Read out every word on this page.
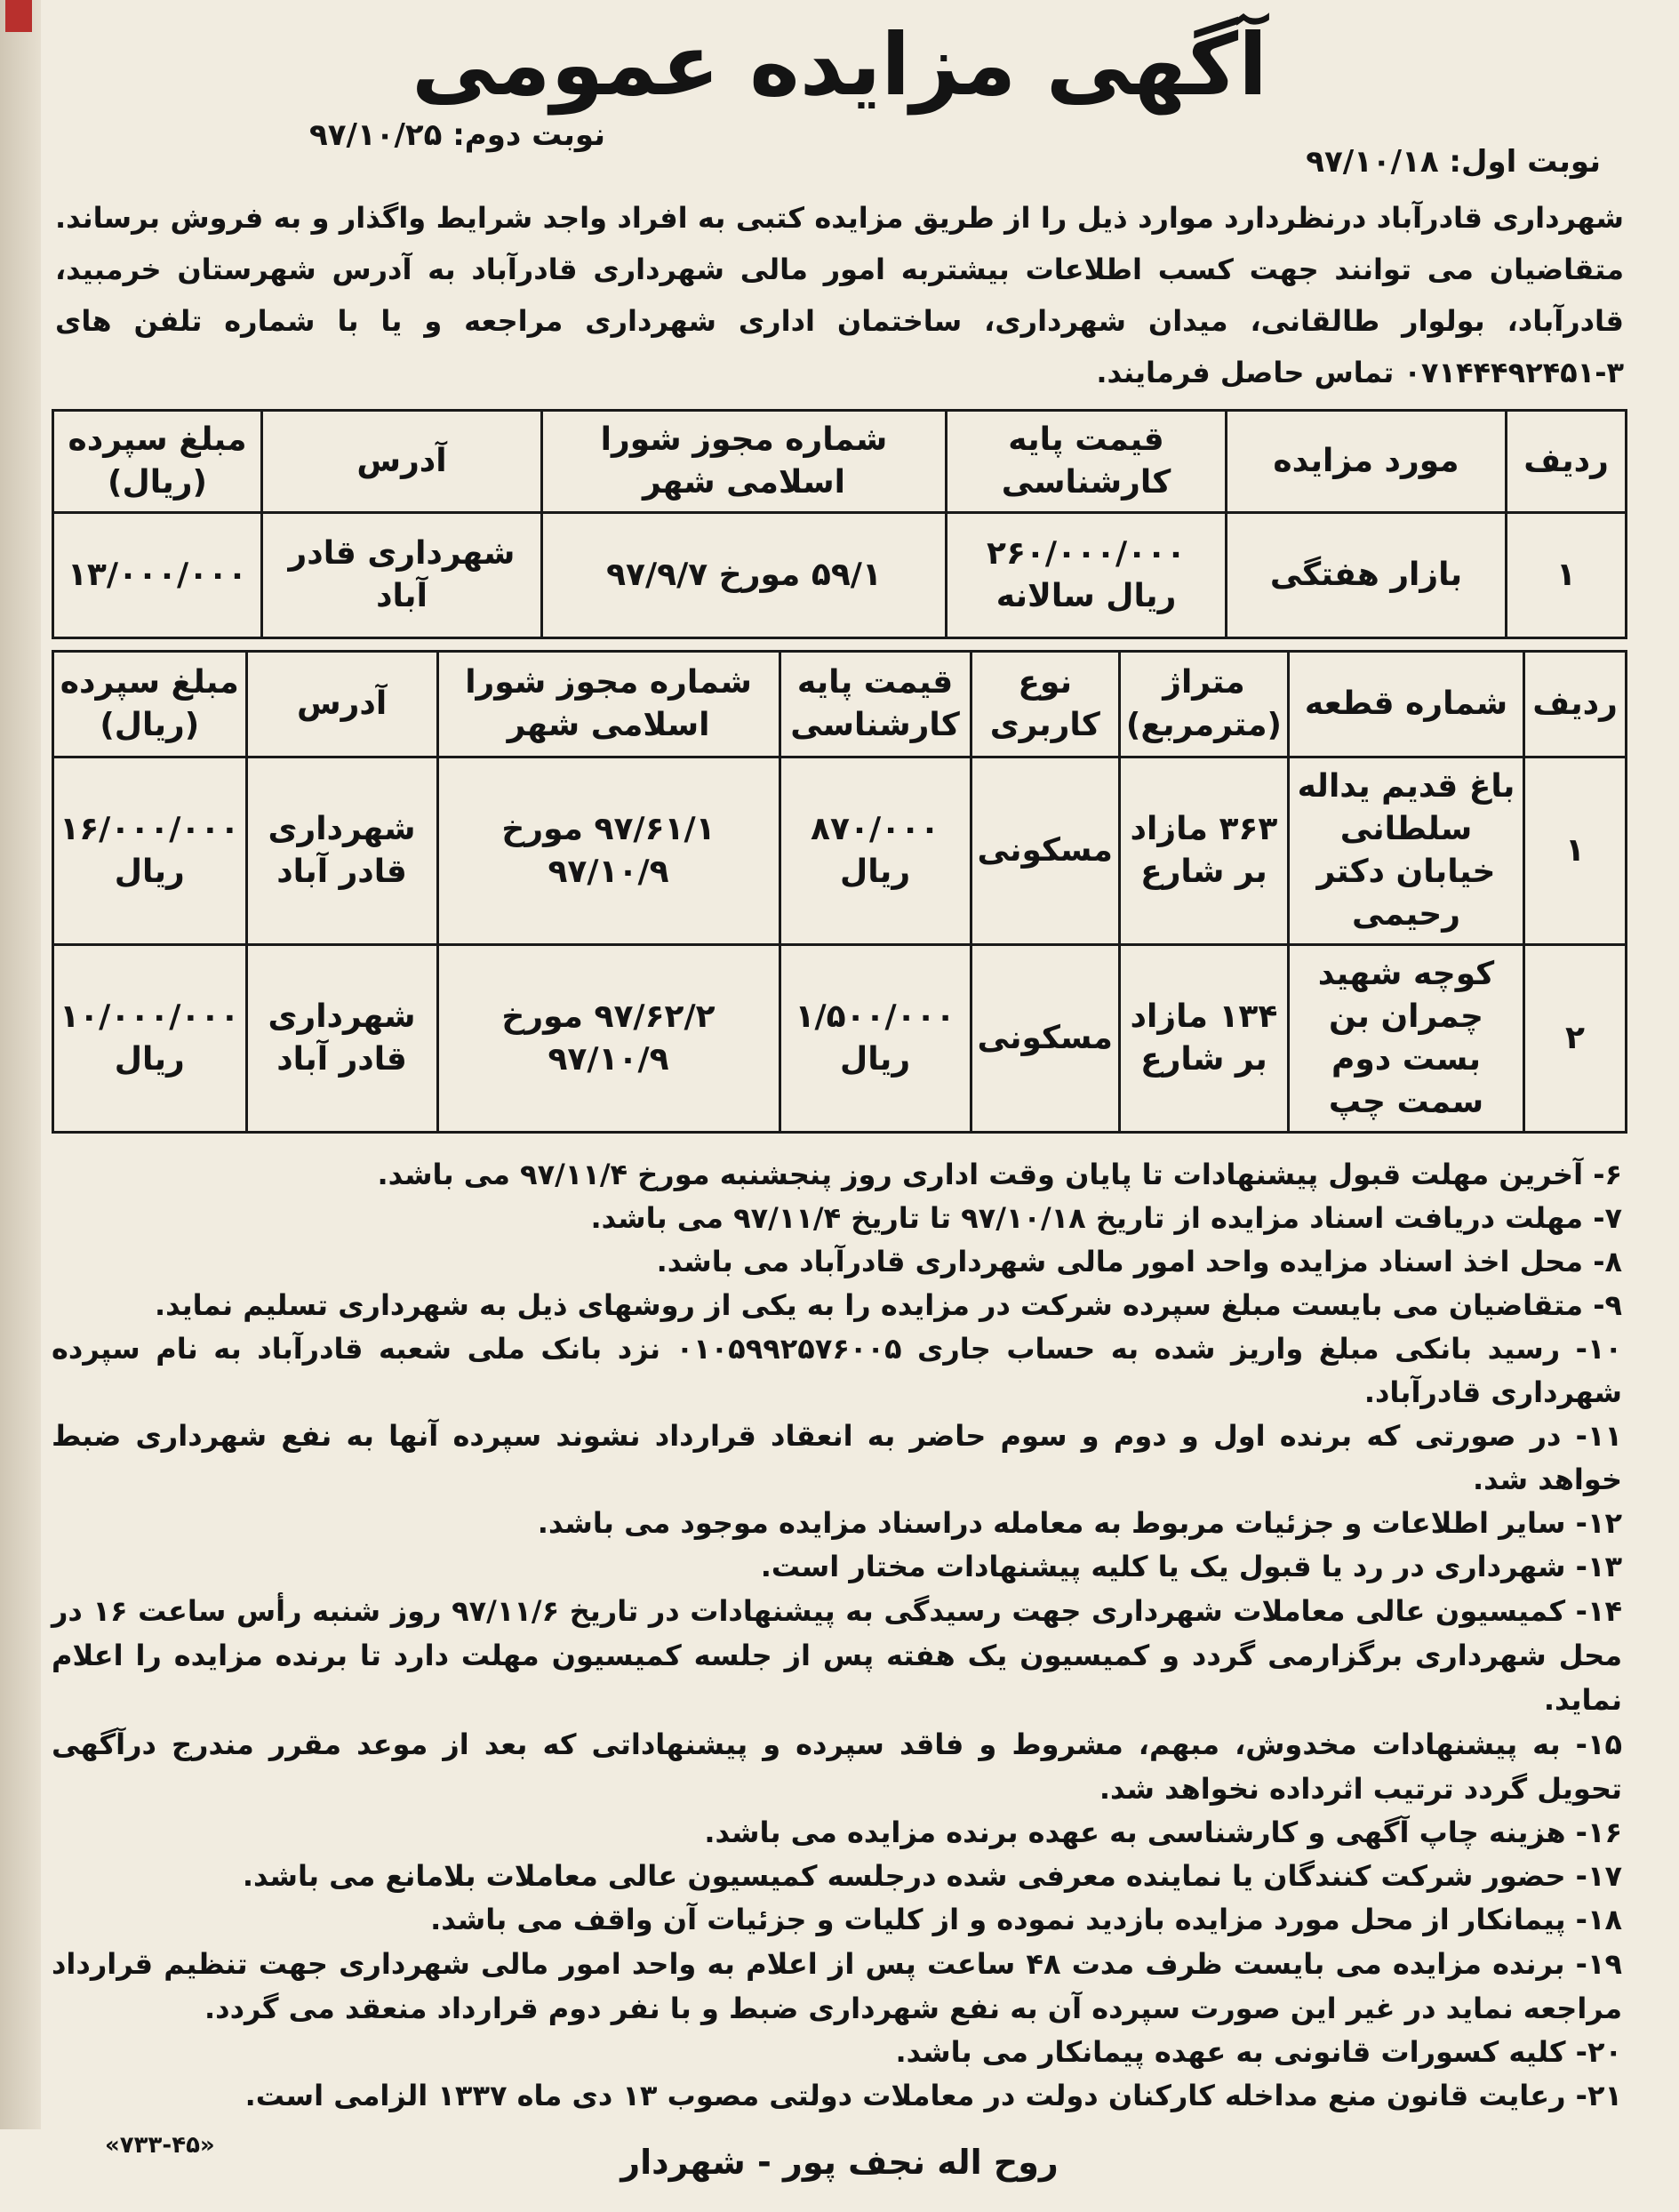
آگهی مزایده عمومی
نوبت دوم: ۹۷/۱۰/۲۵
نوبت اول: ۹۷/۱۰/۱۸

شهرداری قادرآباد درنظردارد موارد ذیل را از طریق مزایده کتبی به افراد واجد شرایط واگذار و به فروش برساند. متقاضیان می توانند جهت کسب اطلاعات بیشتربه امور مالی شهرداری قادرآباد به آدرس شهرستان خرمبید، قادرآباد، بولوار طالقانی، میدان شهرداری، ساختمان اداری شهرداری مراجعه و یا با شماره تلفن های ۳-۰۷۱۴۴۴۹۲۴۵۱ تماس حاصل فرمایند.

ردیف	مورد مزایده	قیمت پایه کارشناسی	شماره مجوز شورا اسلامی شهر	آدرس	مبلغ سپرده (ریال)
۱	بازار هفتگی	۲۶۰/۰۰۰/۰۰۰ ریال سالانه	۵۹/۱ مورخ ۹۷/۹/۷	شهرداری قادر آباد	۱۳/۰۰۰/۰۰۰
ردیف	شماره قطعه	متراژ (مترمربع)	نوع کاربری	قیمت پایه کارشناسی	شماره مجوز شورا اسلامی شهر	آدرس	مبلغ سپرده (ریال)
۱	باغ قدیم یداله سلطانی خیابان دکتر رحیمی	۳۶۳ مازاد بر شارع	مسکونی	۸۷۰/۰۰۰ ریال	۹۷/۶۱/۱ مورخ ۹۷/۱۰/۹	شهرداری قادر آباد	۱۶/۰۰۰/۰۰۰ ریال
۲	کوچه شهید چمران بن بست دوم سمت چپ	۱۳۴ مازاد بر شارع	مسکونی	۱/۵۰۰/۰۰۰ ریال	۹۷/۶۲/۲ مورخ ۹۷/۱۰/۹	شهرداری قادر آباد	۱۰/۰۰۰/۰۰۰ ریال

۶- آخرین مهلت قبول پیشنهادات تا پایان وقت اداری روز پنجشنبه مورخ ۹۷/۱۱/۴ می باشد.

۷- مهلت دریافت اسناد مزایده از تاریخ ۹۷/۱۰/۱۸ تا تاریخ ۹۷/۱۱/۴ می باشد.

۸- محل اخذ اسناد مزایده واحد امور مالی شهرداری قادرآباد می باشد.

۹- متقاضیان می بایست مبلغ سپرده شرکت در مزایده را به یکی از روشهای ذیل به شهرداری تسلیم نماید.

۱۰- رسید بانکی مبلغ واریز شده به حساب جاری ۰۱۰۵۹۹۲۵۷۶۰۰۵ نزد بانک ملی شعبه قادرآباد به نام سپرده شهرداری قادرآباد.

۱۱- در صورتی که برنده اول و دوم و سوم حاضر به انعقاد قرارداد نشوند سپرده آنها به نفع شهرداری ضبط خواهد شد.

۱۲- سایر اطلاعات و جزئیات مربوط به معامله دراسناد مزایده موجود می باشد.

۱۳- شهرداری در رد یا قبول یک یا کلیه پیشنهادات مختار است.

۱۴- کمیسیون عالی معاملات شهرداری جهت رسیدگی به پیشنهادات در تاریخ ۹۷/۱۱/۶ روز شنبه رأس ساعت ۱۶ در محل شهرداری برگزارمی گردد و کمیسیون یک هفته پس از جلسه کمیسیون مهلت دارد تا برنده مزایده را اعلام نماید.

۱۵- به پیشنهادات مخدوش، مبهم، مشروط و فاقد سپرده و پیشنهاداتی که بعد از موعد مقرر مندرج درآگهی تحویل گردد ترتیب اثرداده نخواهد شد.

۱۶- هزینه چاپ آگهی و کارشناسی به عهده برنده مزایده می باشد.

۱۷- حضور شرکت کنندگان یا نماینده معرفی شده درجلسه کمیسیون عالی معاملات بلامانع می باشد.

۱۸- پیمانکار از محل مورد مزایده بازدید نموده و از کلیات و جزئیات آن واقف می باشد.

۱۹- برنده مزایده می بایست ظرف مدت ۴۸ ساعت پس از اعلام به واحد امور مالی شهرداری جهت تنظیم قرارداد مراجعه نماید در غیر این صورت سپرده آن به نفع شهرداری ضبط و با نفر دوم قرارداد منعقد می گردد.

۲۰- کلیه کسورات قانونی به عهده پیمانکار می باشد.

۲۱- رعایت قانون منع مداخله کارکنان دولت در معاملات دولتی مصوب ۱۳ دی ماه ۱۳۳۷ الزامی است.

«۷۳۳-۴۵»	روح اله نجف پور - شهردار
